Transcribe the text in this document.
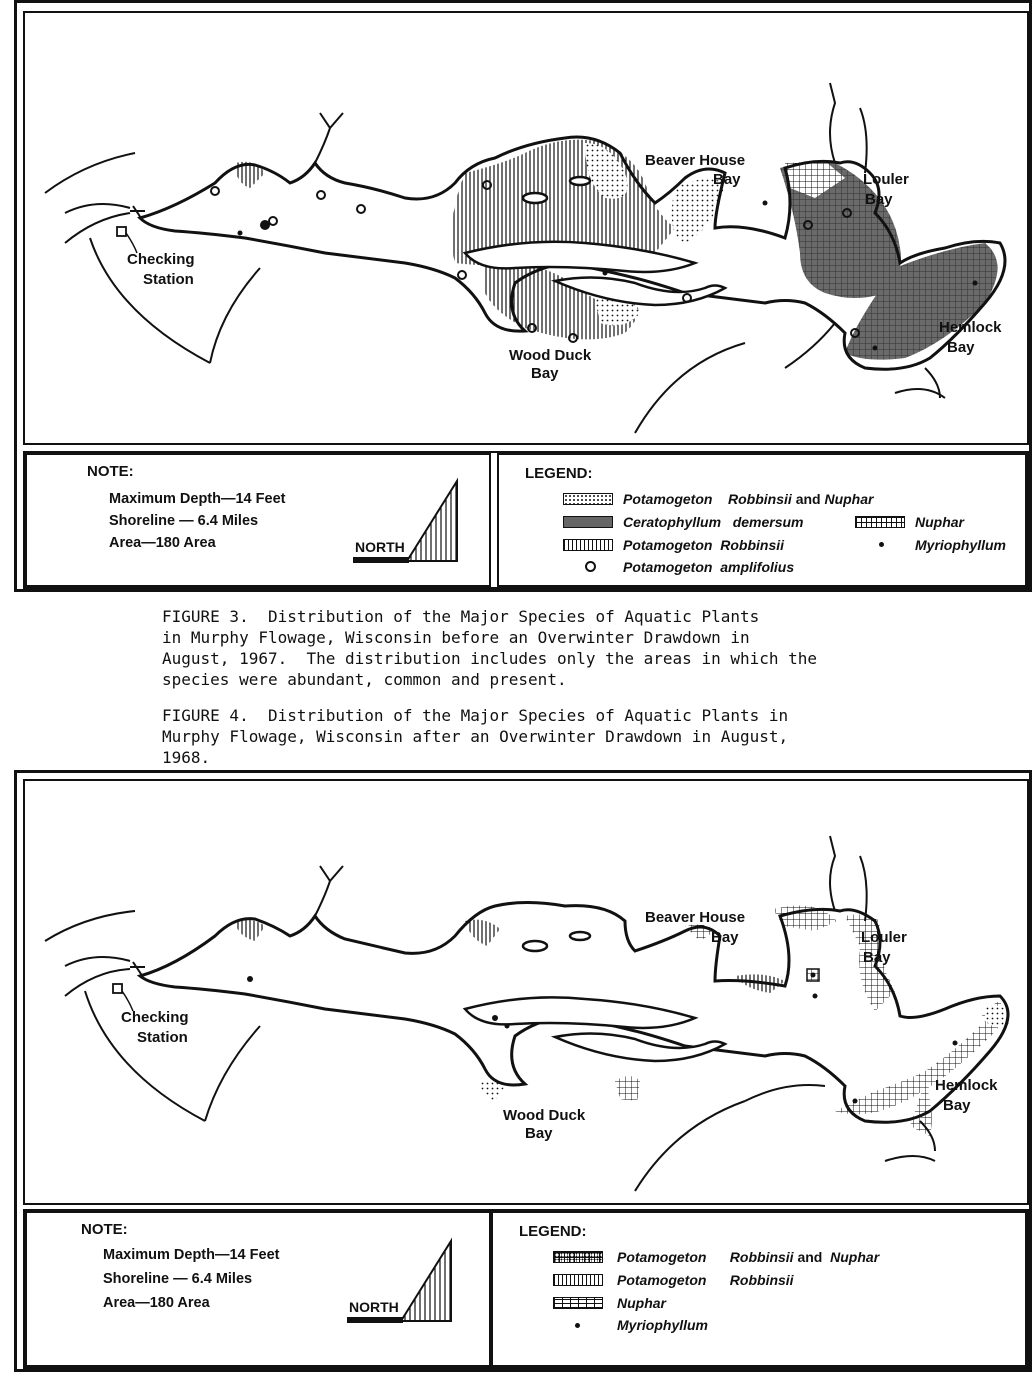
Beaver House
Bay	Louler
Bay
Checking
Station
Hemlock
Bay
Wood Duck
Bay
NOTE:
Maximum Depth—14 Feet
Shoreline — 6.4 Miles
Area—180 Area	NORTH
LEGEND:
Potamogeton Robbinsii and Nuphar
Ceratophyllum demersum
Potamogeton Robbinsii
Potamogeton amplifolius
Nuphar
Myriophyllum
FIGURE 3.  Distribution of the Major Species of Aquatic Plants
in Murphy Flowage, Wisconsin before an Overwinter Drawdown in
August, 1967.  The distribution includes only the areas in which the
species were abundant, common and present.
FIGURE 4.  Distribution of the Major Species of Aquatic Plants in
Murphy Flowage, Wisconsin after an Overwinter Drawdown in August,
1968.
Beaver House
Bay	Louler
Bay
Checking
Station
Hemlock
Bay
Wood Duck
Bay
NOTE:
Maximum Depth—14 Feet
Shoreline — 6.4 Miles
Area—180 Area	NORTH
LEGEND:
Potamogeton Robbinsii and Nuphar
Potamogeton Robbinsii
Nuphar
Myriophyllum
